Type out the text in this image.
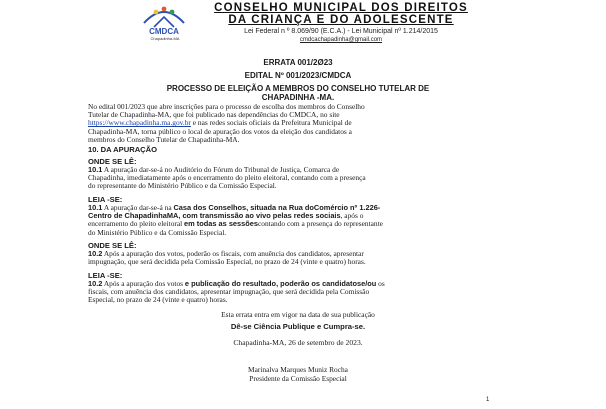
CMDCA
Chapadinha-MA
CONSELHO MUNICIPAL DOS DIREITOS
DA CRIANÇA E DO ADOLESCENTE
Lei Federal n º 8.069/90 (E.C.A.) - Lei Municipal nº 1.214/2015
cmdcachapadinha@gmail.com
ERRATA 001/2Ø23
EDITAL Nº 001/2023/CMDCA
PROCESSO DE ELEIÇÃO A MEMBROS DO CONSELHO TUTELAR DE
CHAPADINHA -MA.
No edital 001/2023 que abre inscrições para o processo de escolha dos membros do Conselho
Tutelar de Chapadinha-MA, que foi publicado nas dependências do CMDCA, no site
https://www.chapadinha.ma.gov.br e nas redes sociais oficiais da Prefeitura Municipal de
Chapadinha-MA, torna público o local de apuração dos votos da eleição dos candidatos a
membros do Conselho Tutelar de Chapadinha-MA.
10. DA APURAÇÃO
ONDE SE LÊ:
10.1 A apuração dar-se-á no Auditório do Fórum do Tribunal de Justiça, Comarca de
Chapadinha, imediatamente após o encerramento do pleito eleitoral, contando com a presença
do representante do Ministério Público e da Comissão Especial.
LEIA -SE:
10.1 A apuração dar-se-á na Casa dos Conselhos, situada na Rua doComércio nº 1.226-
Centro de ChapadinhaMA, com transmissão ao vivo pelas redes sociais, após o
encerramento do pleito eleitoral em todas as sessõescontando com a presença do representante
do Ministério Público e da Comissão Especial.
ONDE SE LÊ:
10.2 Após a apuração dos votos, poderão os fiscais, com anuência dos candidatos, apresentar
impugnação, que será decidida pela Comissão Especial, no prazo de 24 (vinte e quatro) horas.
LEIA -SE:
10.2 Após a apuração dos votos e publicação do resultado, poderão os candidatose/ou os
fiscais, com anuência dos candidatos, apresentar impugnação, que será decidida pela Comissão
Especial, no prazo de 24 (vinte e quatro) horas.
Esta errata entra em vigor na data de sua publicação
Dê-se Ciência Publique e Cumpra-se.
Chapadinha-MA, 26 de setembro de 2023.
Marinalva Marques Muniz Rocha
Presidente da Comissão Especial
1
